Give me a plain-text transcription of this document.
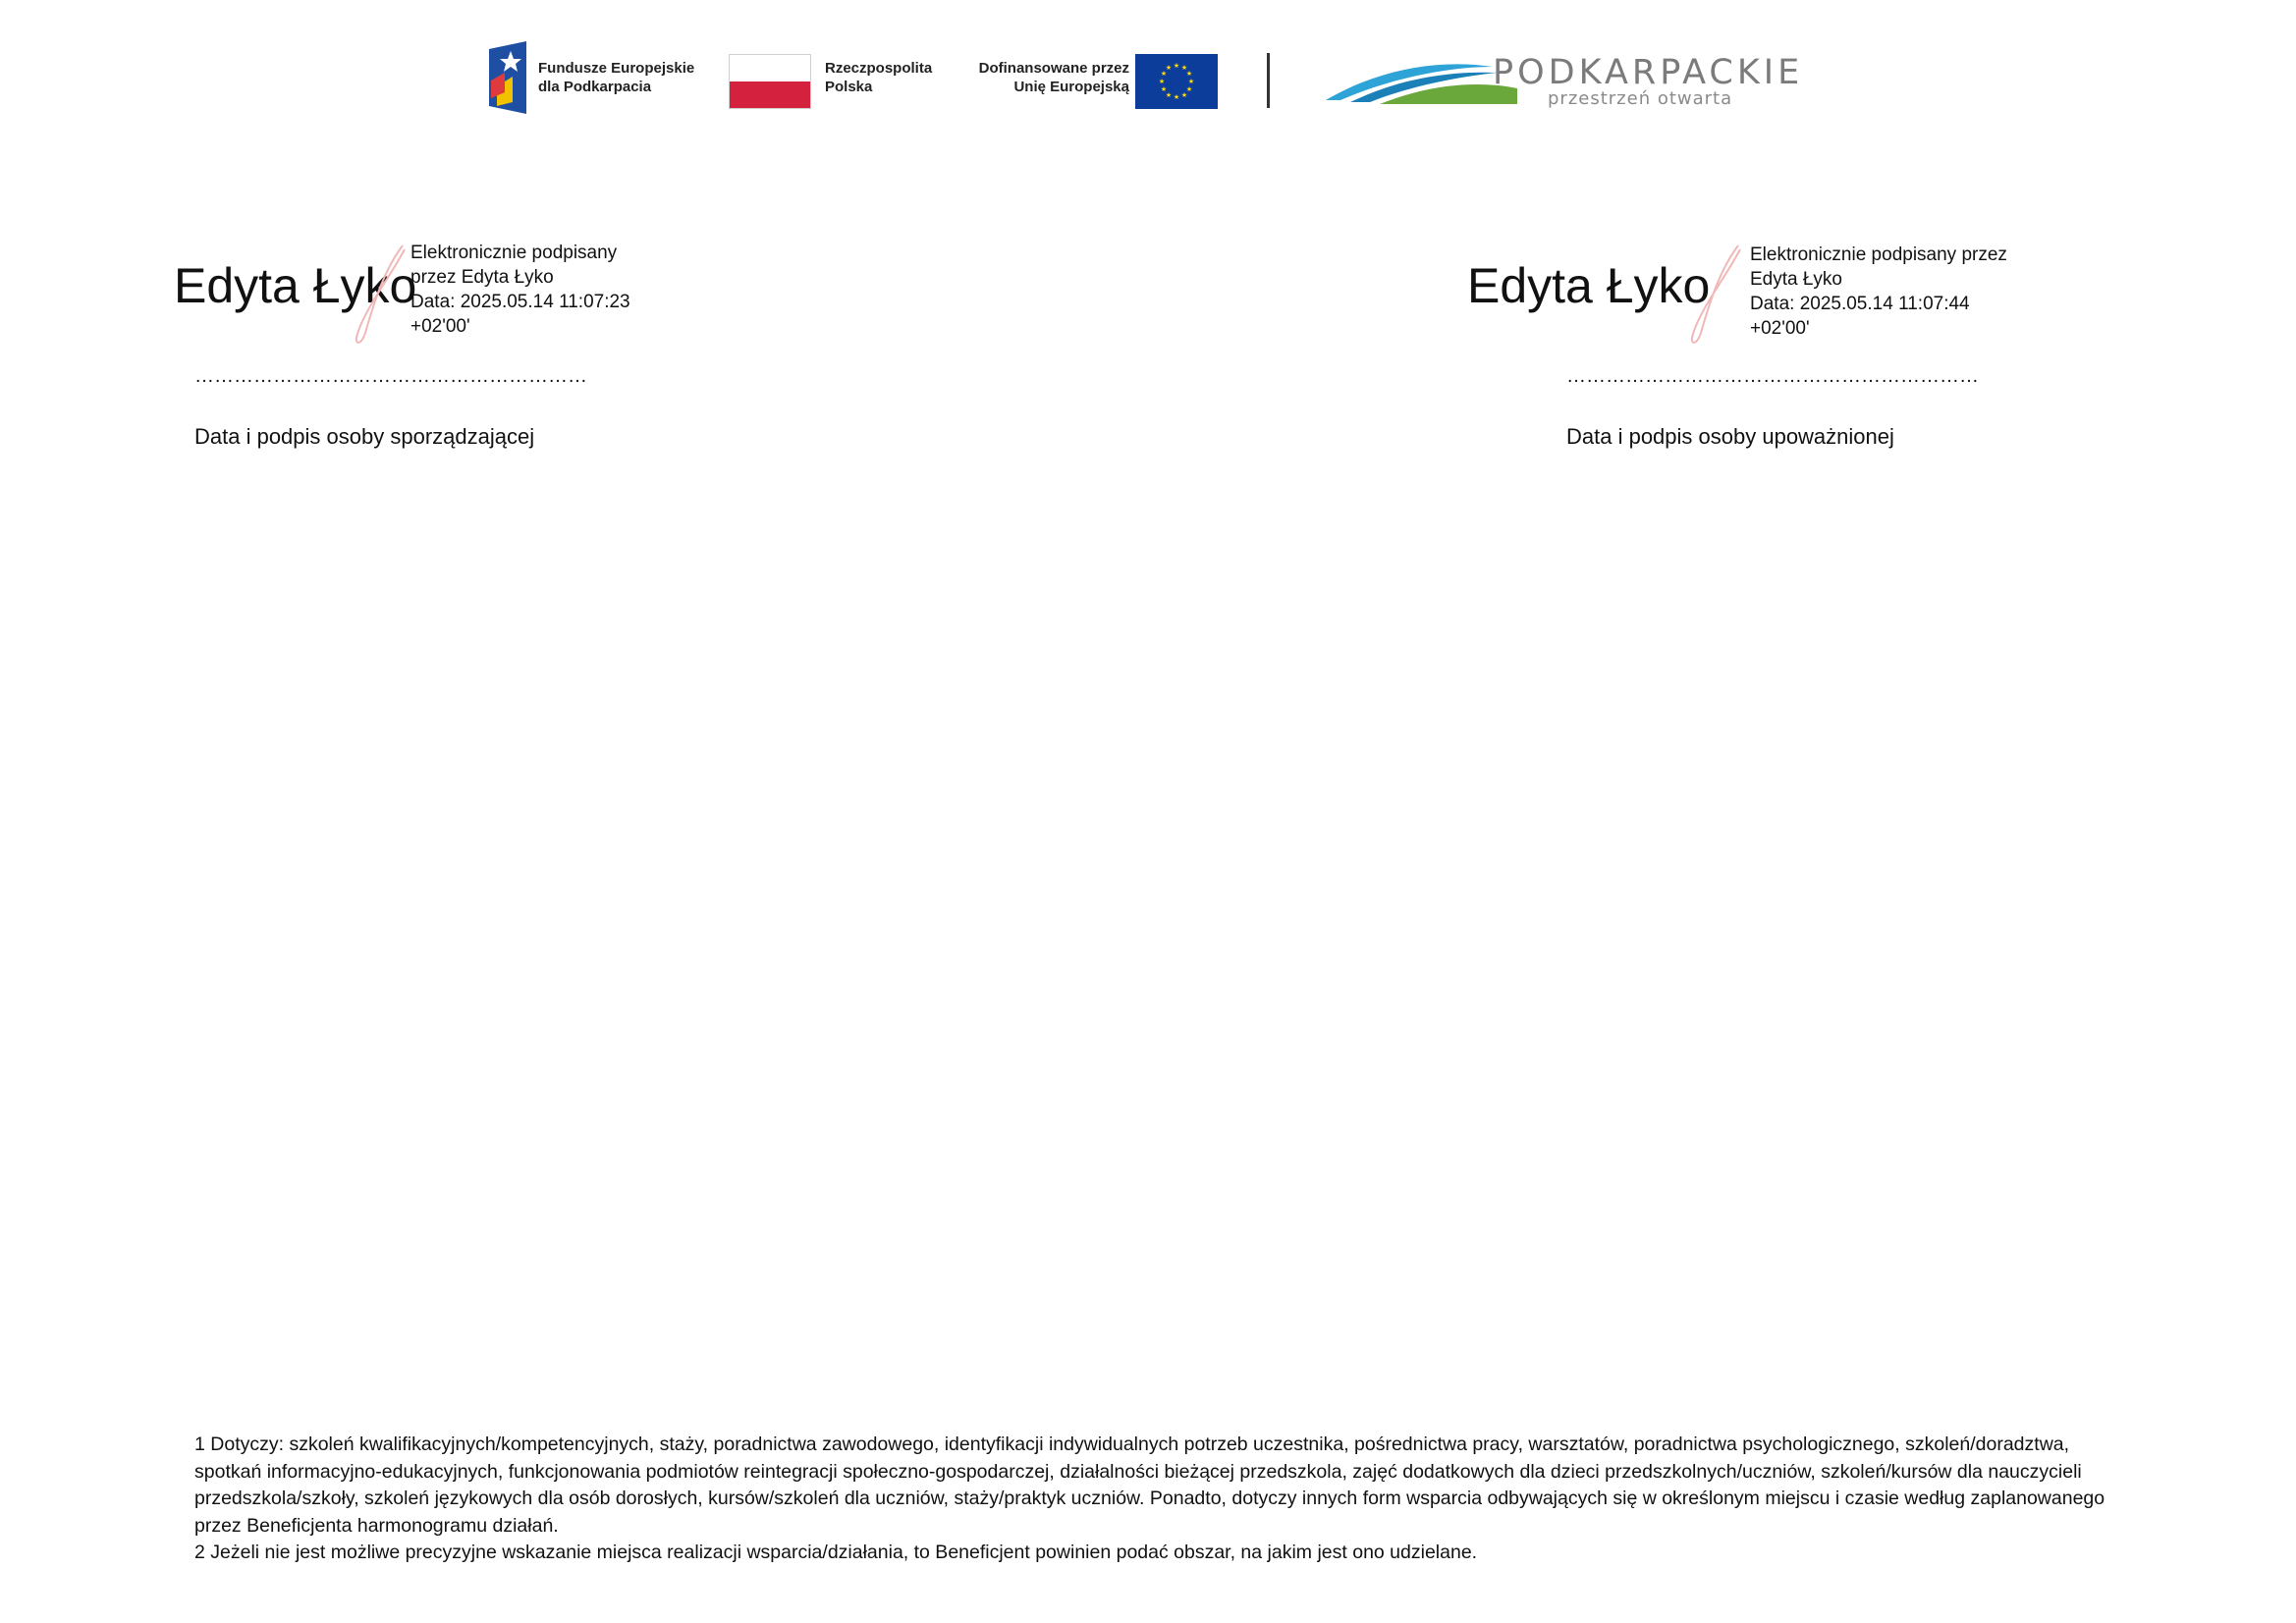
Fundusze Europejskie
dla Podkarpacia
Rzeczpospolita
Polska
Dofinansowane przez
Unię Europejską
★ ★
★
★
★
★
★
★
★
★
★
★	PODKARPACKIE
przestrzeń otwarta
Edyta Łyko
Elektronicznie podpisany
przez Edyta Łyko
Data: 2025.05.14 11:07:23
+02'00'
……………………………………………………
Data i podpis osoby sporządzającej
Edyta Łyko
Elektronicznie podpisany przez
Edyta Łyko
Data: 2025.05.14 11:07:44
+02'00'
………………………………………………………
Data i podpis osoby upoważnionej

1 Dotyczy: szkoleń kwalifikacyjnych/kompetencyjnych, staży, poradnictwa zawodowego, identyfikacji indywidualnych potrzeb uczestnika, pośrednictwa pracy, warsztatów, poradnictwa psychologicznego, szkoleń/doradztwa, spotkań informacyjno-edukacyjnych, funkcjonowania podmiotów reintegracji społeczno-gospodarczej, działalności bieżącej przedszkola, zajęć dodatkowych dla dzieci przedszkolnych/uczniów, szkoleń/kursów dla nauczycieli przedszkola/szkoły, szkoleń językowych dla osób dorosłych, kursów/szkoleń dla uczniów, staży/praktyk uczniów. Ponadto, dotyczy innych form wsparcia odbywających się w określonym miejscu i czasie według zaplanowanego przez Beneficjenta harmonogramu działań.

2 Jeżeli nie jest możliwe precyzyjne wskazanie miejsca realizacji wsparcia/działania, to Beneficjent powinien podać obszar, na jakim jest ono udzielane.
